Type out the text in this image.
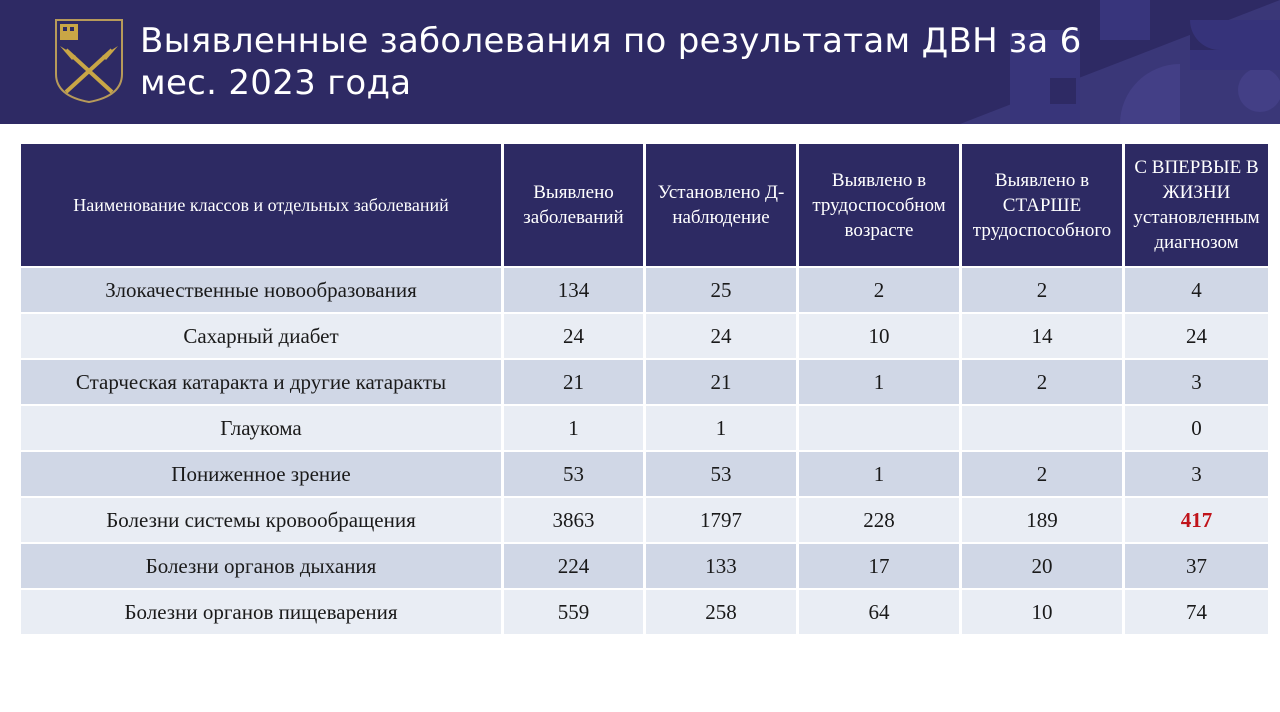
Выявленные заболевания по результатам ДВН за 6
мес. 2023 года
Наименование классов и отдельных заболеваний	Выявлено заболеваний	Установлено Д-наблюдение	Выявлено в трудоспособном возрасте	Выявлено в СТАРШЕ трудоспособного	С ВПЕРВЫЕ В ЖИЗНИ установленным диагнозом
Злокачественные новообразования	134	25	2	2	4
Сахарный диабет	24	24	10	14	24
Старческая катаракта и другие катаракты	21	21	1	2	3
Глаукома	1	1			0
Пониженное зрение	53	53	1	2	3
Болезни системы кровообращения	3863	1797	228	189	417
Болезни органов дыхания	224	133	17	20	37
Болезни органов пищеварения	559	258	64	10	74
